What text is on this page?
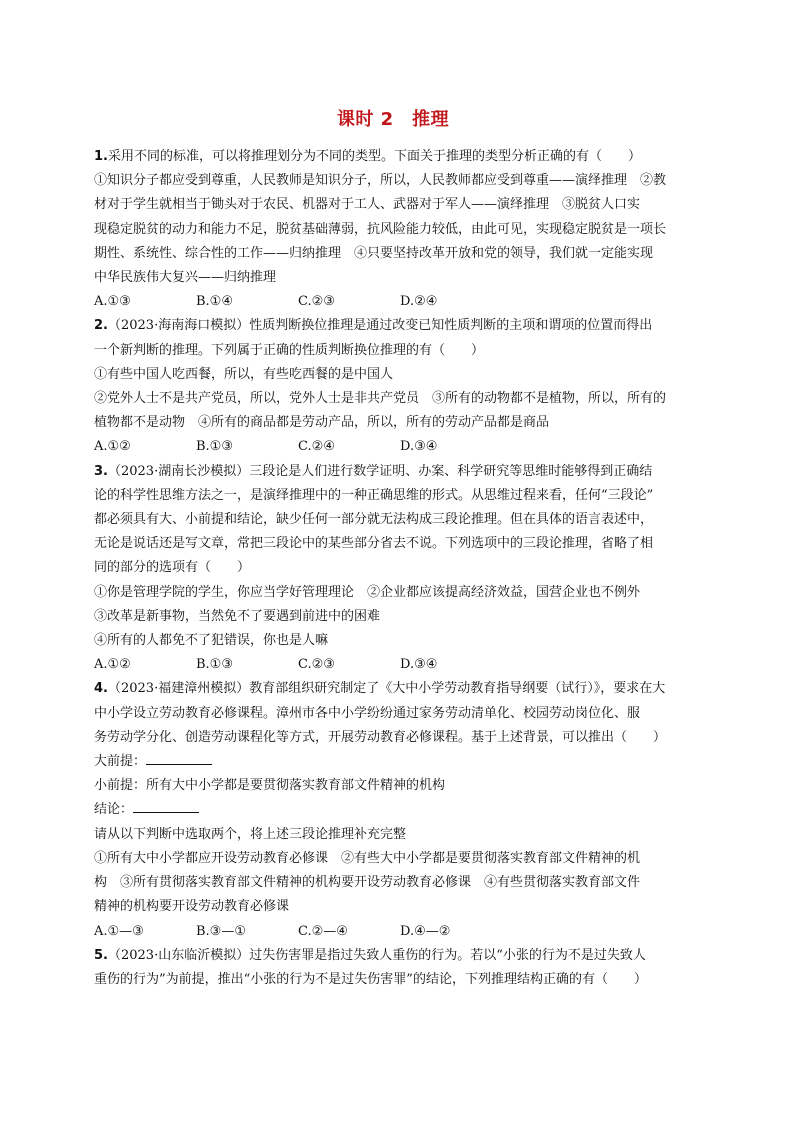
课时 2　推理
1.采用不同的标准，可以将推理划分为不同的类型。下面关于推理的类型分析正确的有（　　）
①知识分子都应受到尊重，人民教师是知识分子，所以，人民教师都应受到尊重——演绎推理　②教
材对于学生就相当于锄头对于农民、机器对于工人、武器对于军人——演绎推理　③脱贫人口实
现稳定脱贫的动力和能力不足，脱贫基础薄弱，抗风险能力较低，由此可见，实现稳定脱贫是一项长
期性、系统性、综合性的工作——归纳推理　④只要坚持改革开放和党的领导，我们就一定能实现
中华民族伟大复兴——归纳推理
A.①③	B.①④	C.②③	D.②④
2.（2023·海南海口模拟）性质判断换位推理是通过改变已知性质判断的主项和谓项的位置而得出
一个新判断的推理。下列属于正确的性质判断换位推理的有（　　）
①有些中国人吃西餐，所以，有些吃西餐的是中国人
②党外人士不是共产党员，所以，党外人士是非共产党员　③所有的动物都不是植物，所以，所有的
植物都不是动物　④所有的商品都是劳动产品，所以，所有的劳动产品都是商品
A.①②	B.①③	C.②④	D.③④
3.（2023·湖南长沙模拟）三段论是人们进行数学证明、办案、科学研究等思维时能够得到正确结
论的科学性思维方法之一，是演绎推理中的一种正确思维的形式。从思维过程来看，任何“三段论”
都必须具有大、小前提和结论，缺少任何一部分就无法构成三段论推理。但在具体的语言表述中，
无论是说话还是写文章，常把三段论中的某些部分省去不说。下列选项中的三段论推理，省略了相
同的部分的选项有（　　）
①你是管理学院的学生，你应当学好管理理论　②企业都应该提高经济效益，国营企业也不例外
③改革是新事物，当然免不了要遇到前进中的困难
④所有的人都免不了犯错误，你也是人嘛
A.①②	B.①③	C.②③	D.③④
4.（2023·福建漳州模拟）教育部组织研究制定了《大中小学劳动教育指导纲要（试行）》，要求在大
中小学设立劳动教育必修课程。漳州市各中小学纷纷通过家务劳动清单化、校园劳动岗位化、服
务劳动学分化、创造劳动课程化等方式，开展劳动教育必修课程。基于上述背景，可以推出（　　）
大前提：
小前提：所有大中小学都是要贯彻落实教育部文件精神的机构
结论：
请从以下判断中选取两个，将上述三段论推理补充完整
①所有大中小学都应开设劳动教育必修课　②有些大中小学都是要贯彻落实教育部文件精神的机
构　③所有贯彻落实教育部文件精神的机构要开设劳动教育必修课　④有些贯彻落实教育部文件
精神的机构要开设劳动教育必修课
A.①—③	B.③—①	C.②—④	D.④—②
5.（2023·山东临沂模拟）过失伤害罪是指过失致人重伤的行为。若以“小张的行为不是过失致人
重伤的行为”为前提，推出“小张的行为不是过失伤害罪”的结论，下列推理结构正确的有（　　）
